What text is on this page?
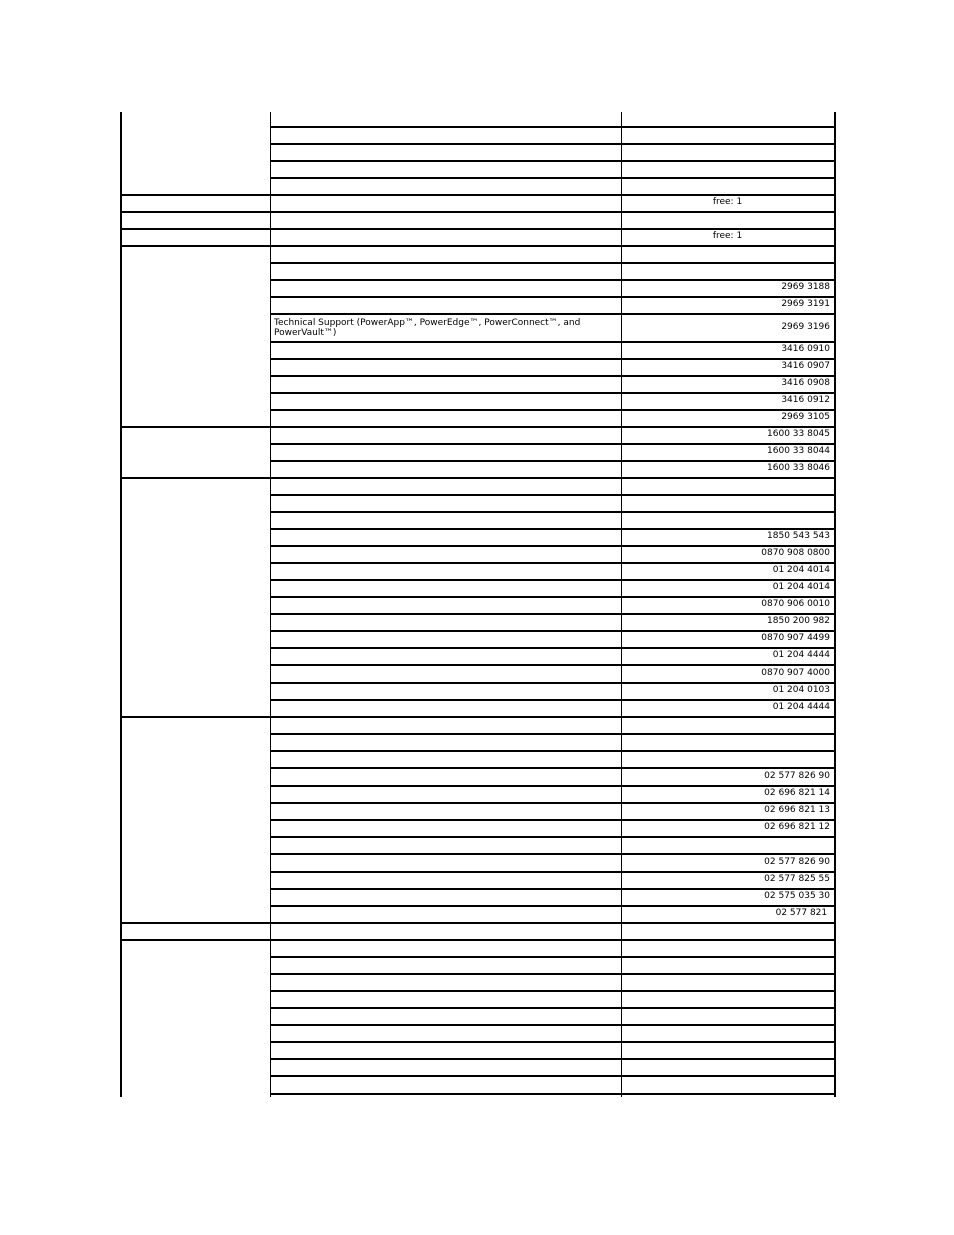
free: 1
free: 1
2969 3188
2969 3191
Technical Support (PowerApp™, PowerEdge™, PowerConnect™, and PowerVault™)
2969 3196
3416 0910
3416 0907
3416 0908
3416 0912
2969 3105
1600 33 8045
1600 33 8044
1600 33 8046
1850 543 543
0870 908 0800
01 204 4014
01 204 4014
0870 906 0010
1850 200 982
0870 907 4499
01 204 4444
0870 907 4000
01 204 0103
01 204 4444
02 577 826 90
02 696 821 14
02 696 821 13
02 696 821 12
02 577 826 90
02 577 825 55
02 575 035 30
02 577 821
